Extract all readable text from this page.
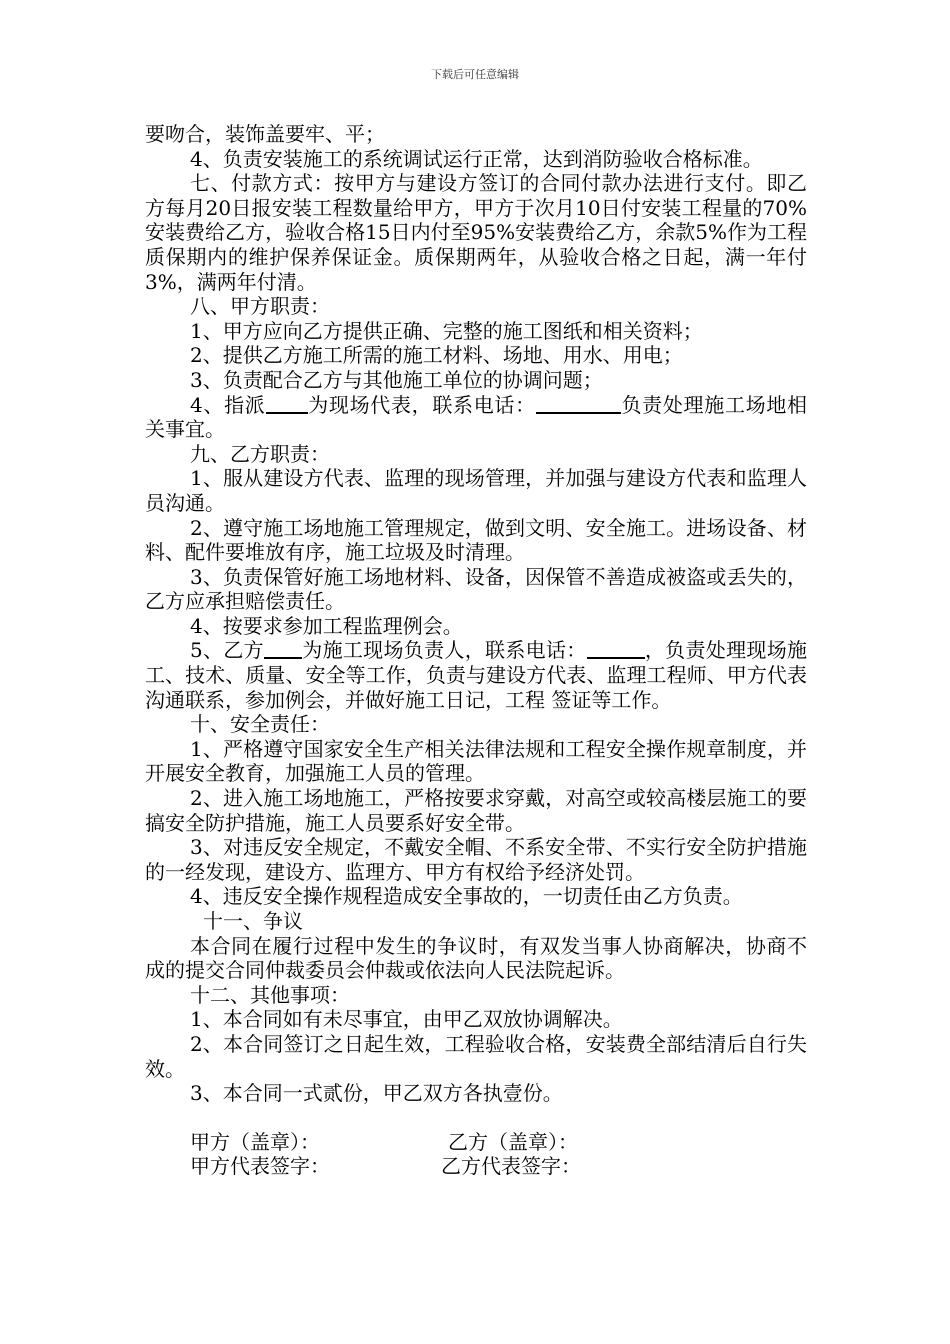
下载后可任意编辑

要吻合，装饰盖要牢、平；

4、负责安装施工的系统调试运行正常，达到消防验收合格标准。

七、付款方式：按甲方与建设方签订的合同付款办法进行支付。即乙方每月20日报安装工程数量给甲方，甲方于次月10日付安装工程量的70%安装费给乙方，验收合格15日内付至95%安装费给乙方，余款5%作为工程质保期内的维护保养保证金。质保期两年，从验收合格之日起，满一年付3%，满两年付清。

八、甲方职责：

1、甲方应向乙方提供正确、完整的施工图纸和相关资料；

2、提供乙方施工所需的施工材料、场地、用水、用电；

3、负责配合乙方与其他施工单位的协调问题；

4、指派 为现场代表，联系电话：	负责处理施工场地相关事宜。

九、乙方职责：

1、服从建设方代表、监理的现场管理，并加强与建设方代表和监理人员沟通。

2、遵守施工场地施工管理规定，做到文明、安全施工。进场设备、材料、配件要堆放有序，施工垃圾及时清理。

3、负责保管好施工场地材料、设备，因保管不善造成被盗或丢失的，乙方应承担赔偿责任。

4、按要求参加工程监理例会。

5、乙方 为施工现场负责人，联系电话：	，负责处理现场施工、技术、质量、安全等工作，负责与建设方代表、监理工程师、甲方代表沟通联系，参加例会，并做好施工日记，工程 签证等工作。

十、安全责任：

1、严格遵守国家安全生产相关法律法规和工程安全操作规章制度，并开展安全教育，加强施工人员的管理。

2、进入施工场地施工，严格按要求穿戴，对高空或较高楼层施工的要搞安全防护措施，施工人员要系好安全带。

3、对违反安全规定，不戴安全帽、不系安全带、不实行安全防护措施的一经发现，建设方、监理方、甲方有权给予经济处罚。

4、违反安全操作规程造成安全事故的，一切责任由乙方负责。

十一、争议

本合同在履行过程中发生的争议时，有双发当事人协商解决，协商不成的提交合同仲裁委员会仲裁或依法向人民法院起诉。

十二、其他事项：

1、本合同如有未尽事宜，由甲乙双放协调解决。

2、本合同签订之日起生效，工程验收合格，安装费全部结清后自行失效。

3、本合同一式贰份，甲乙双方各执壹份。

甲方（盖章）：	乙方（盖章）：
甲方代表签字：	乙方代表签字：
